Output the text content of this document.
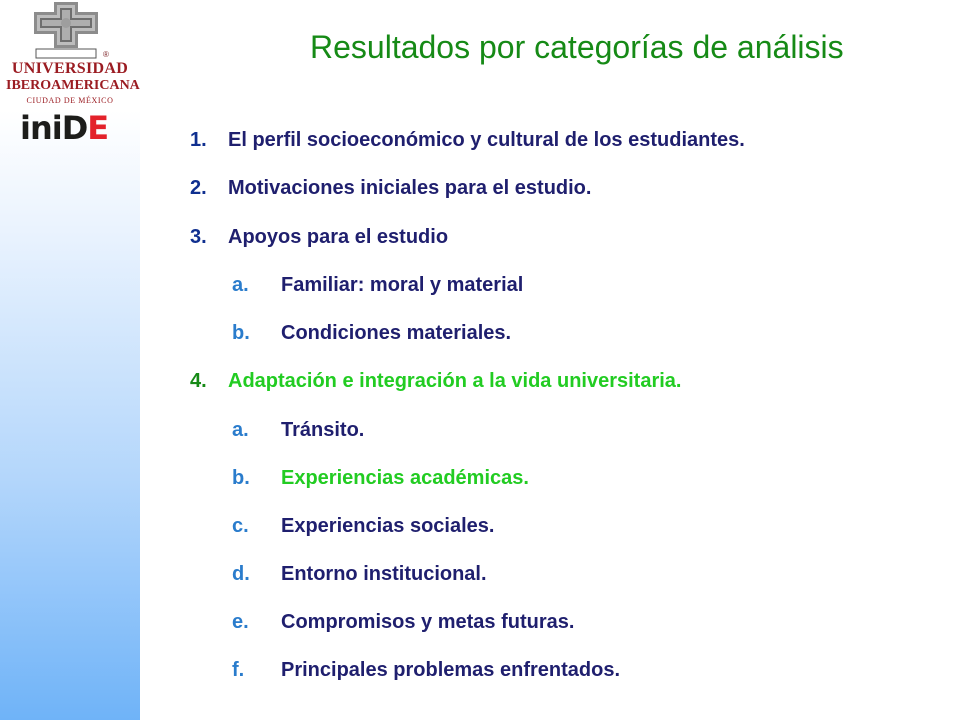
®
UNIVERSIDAD
IBEROAMERICANA
CIUDAD DE MÉXICO
iniDE
Resultados por categorías de análisis
1. El perfil socioeconómico y cultural de los estudiantes.
2. Motivaciones iniciales para el estudio.
3. Apoyos para el estudio
a. Familiar: moral y material
b. Condiciones materiales.
4. Adaptación e integración a la vida universitaria.
a. Tránsito.
b. Experiencias académicas.
c. Experiencias sociales.
d. Entorno institucional.
e. Compromisos y metas futuras.
f. Principales problemas enfrentados.
